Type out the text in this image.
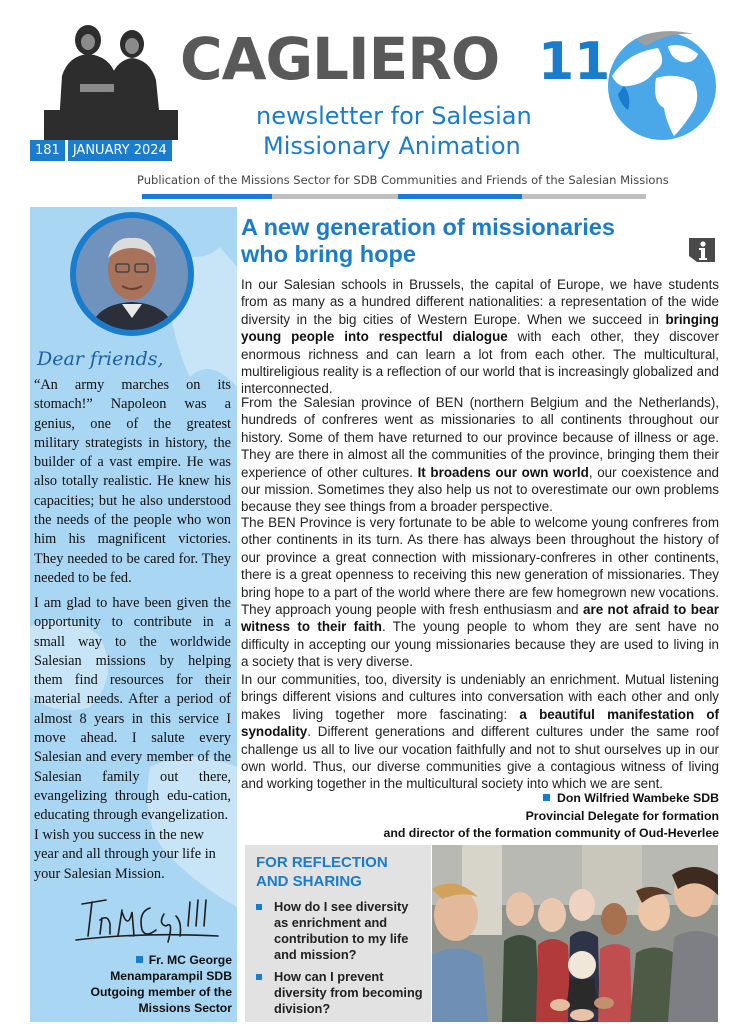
CAGLIERO 11
newsletter for Salesian
Missionary Animation
181	JANUARY 2024
Publication of the Missions Sector for SDB Communities and Friends of the Salesian Missions
Dear friends,
“An army marches on its stomach!” Napoleon was a genius, one of the greatest military strategists in history, the builder of a vast empire. He was also totally realistic. He knew his capacities; but he also understood the needs of the people who won him his magnificent victories. They needed to be cared for. They needed to be fed.
I am glad to have been given the opportunity to contribute in a small way to the worldwide Salesian missions by helping them find resources for their material needs. After a period of almost 8 years in this service I move ahead. I salute every Salesian and every member of the Salesian family out there, evangelizing through edu-cation, educating through evangelization.
I wish you success in the new year and all through your life in your Salesian Mission.
Fr. MC George
Menamparampil SDB
Outgoing member of the
Missions Sector
A new generation of missionaries
who bring hope
In our Salesian schools in Brussels, the capital of Europe, we have students from as many as a hundred different nationalities: a representation of the wide diversity in the big cities of Western Europe. When we succeed in bringing young people into respectful dialogue with each other, they discover enormous richness and can learn a lot from each other. The multicultural, multireligious reality is a reflection of our world that is increasingly globalized and interconnected.
From the Salesian province of BEN (northern Belgium and the Netherlands), hundreds of confreres went as missionaries to all continents throughout our history. Some of them have returned to our province because of illness or age. They are there in almost all the communities of the province, bringing them their experience of other cultures. It broadens our own world, our coexistence and our mission. Sometimes they also help us not to overestimate our own problems because they see things from a broader perspective.
The BEN Province is very fortunate to be able to welcome young confreres from other continents in its turn. As there has always been throughout the history of our province a great connection with missionary-confreres in other continents, there is a great openness to receiving this new generation of missionaries. They bring hope to a part of the world where there are few homegrown new vocations. They approach young people with fresh enthusiasm and are not afraid to bear witness to their faith. The young people to whom they are sent have no difficulty in accepting our young missionaries because they are used to living in a society that is very diverse.
In our communities, too, diversity is undeniably an enrichment. Mutual listening brings different visions and cultures into conversation with each other and only makes living together more fascinating: a beautiful manifestation of synodality. Different generations and different cultures under the same roof challenge us all to live our vocation faithfully and not to shut ourselves up in our own world. Thus, our diverse communities give a contagious witness of living and working together in the multicultural society into which we are sent.
Don Wilfried Wambeke SDB
Provincial Delegate for formation
and director of the formation community of Oud-Heverlee
FOR REFLECTION
AND SHARING
How do I see diversity as enrichment and contribution to my life and mission?
How can I prevent diversity from becoming division?
